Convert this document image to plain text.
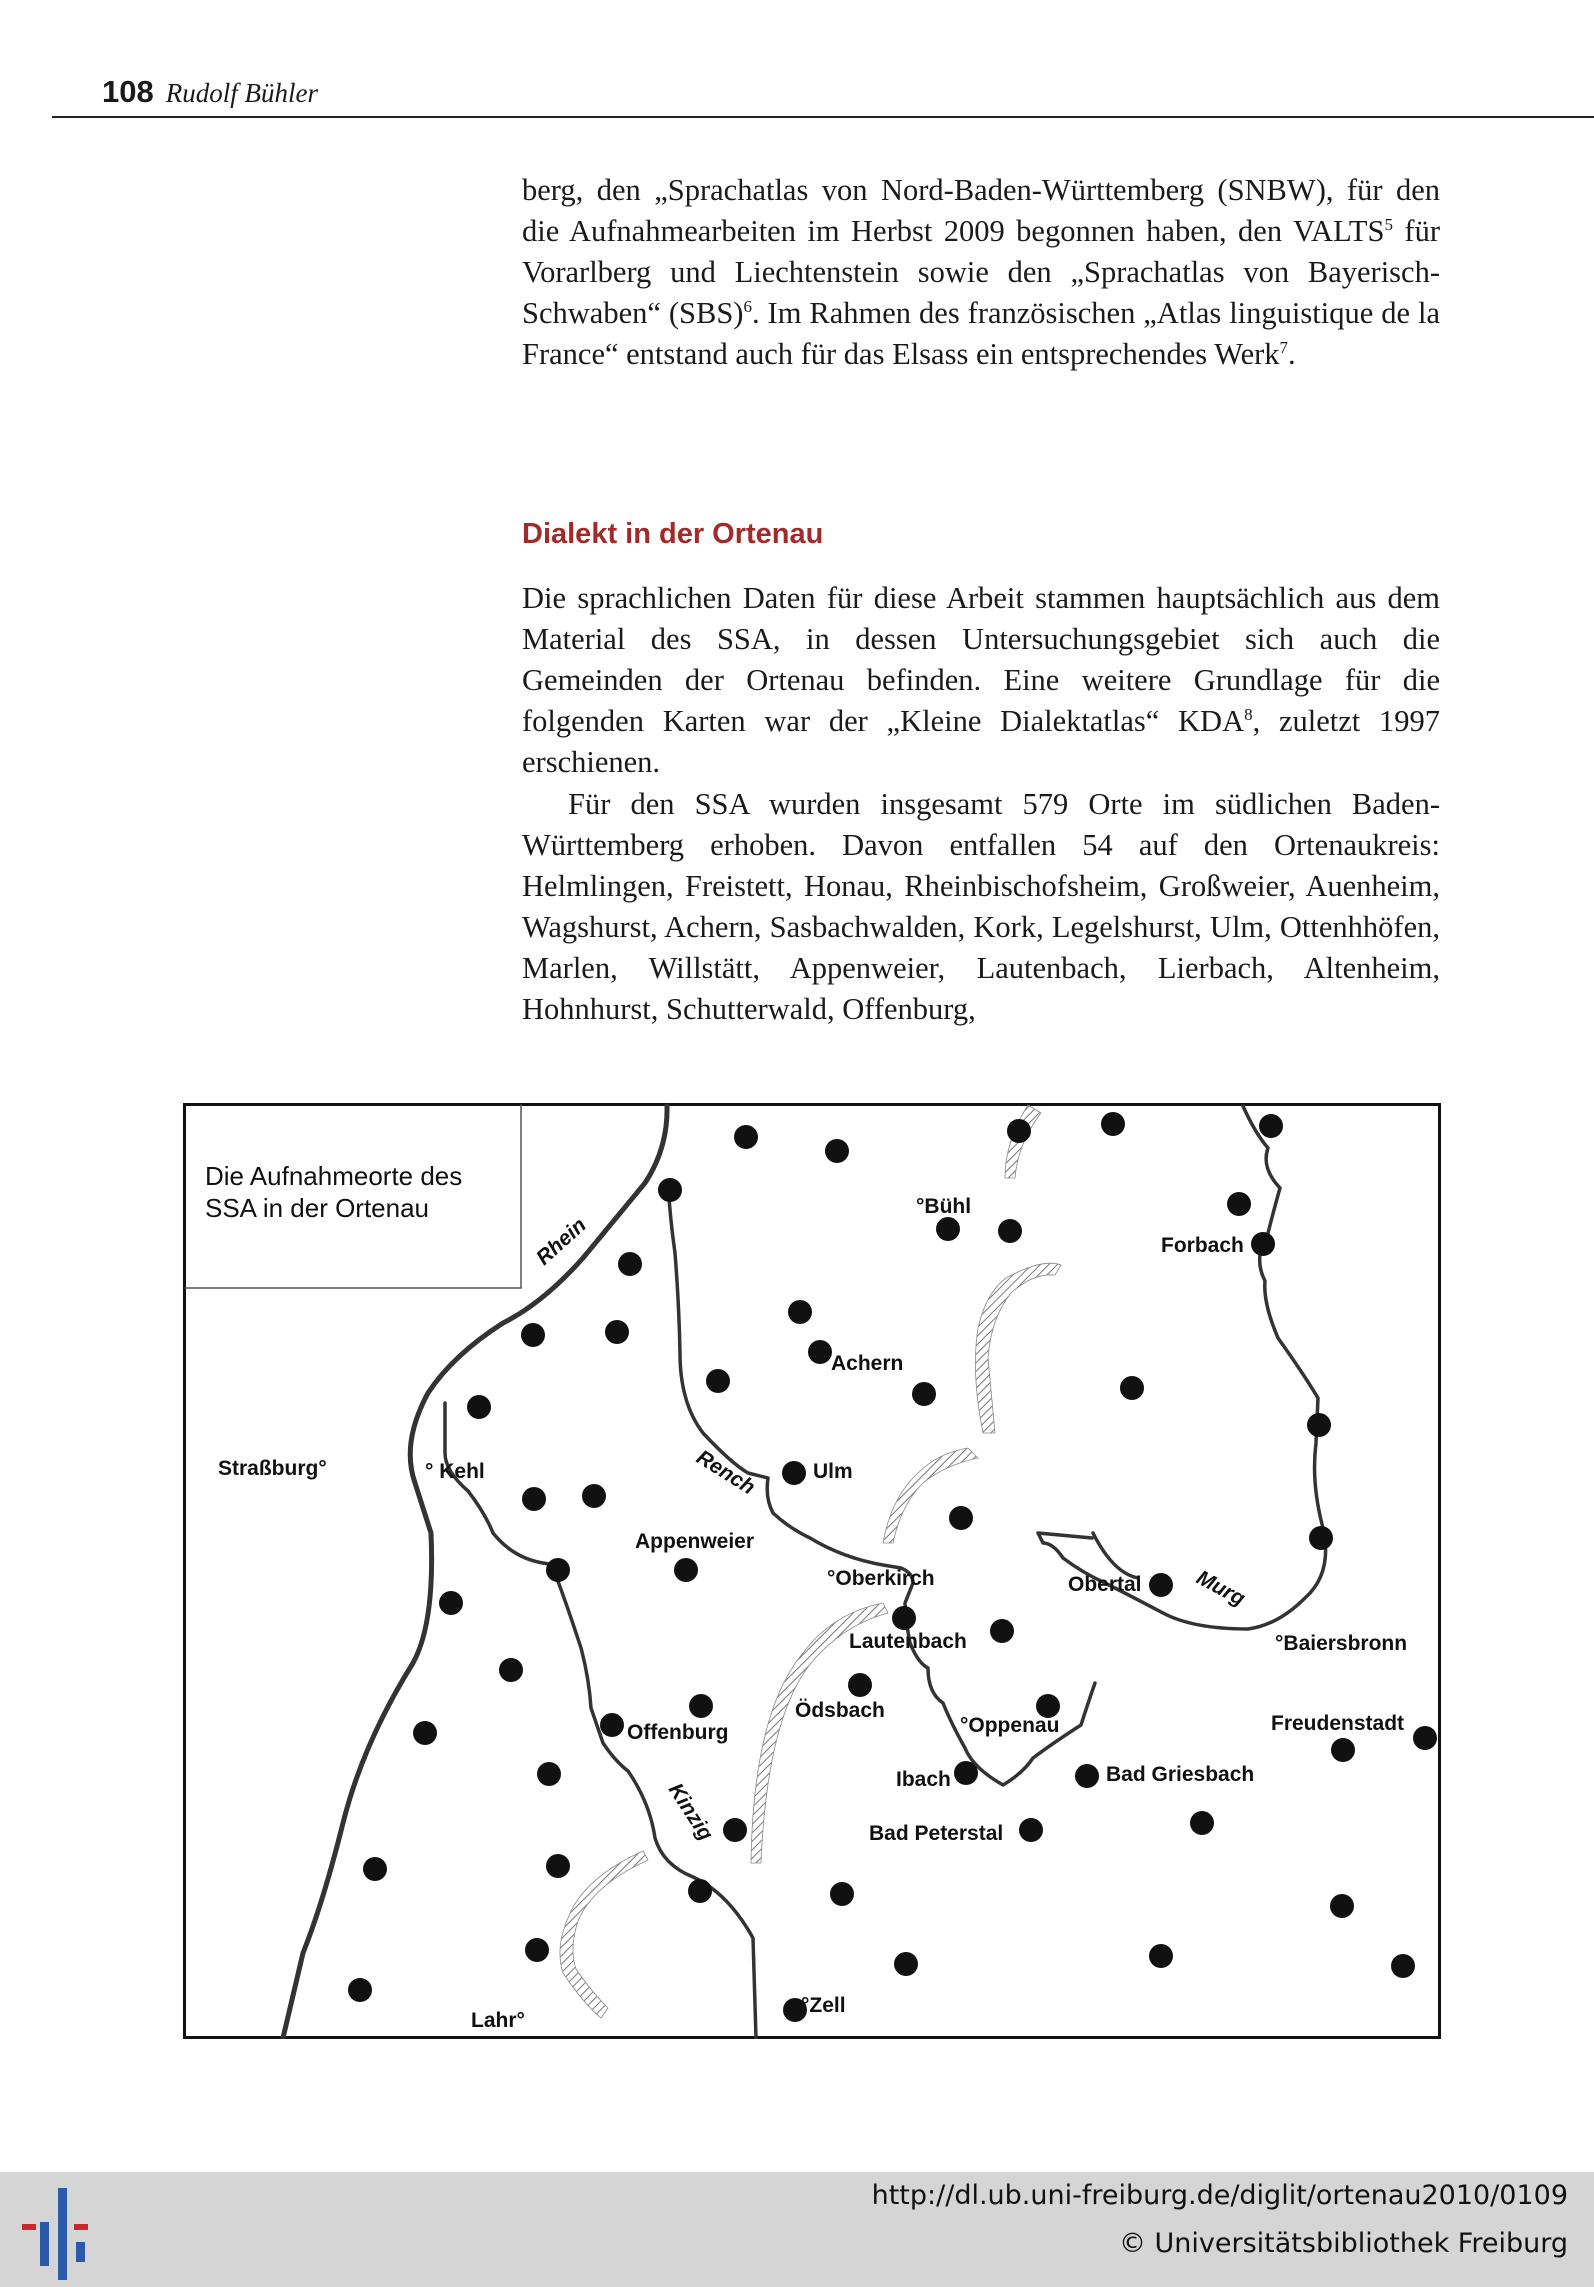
108 Rudolf Bühler
berg, den „Sprachatlas von Nord-Baden-Württemberg (SNBW), für den die Aufnahmearbeiten im Herbst 2009 begonnen haben, den VALTS$^5$ für Vorarlberg und Liechtenstein sowie den „Sprachatlas von Bayerisch-Schwaben“ (SBS)$^6$. Im Rahmen des französischen „Atlas linguistique de la France“ entstand auch für das Elsass ein entsprechendes Werk$^7$.
Dialekt in der Ortenau
Die sprachlichen Daten für diese Arbeit stammen hauptsächlich aus dem Material des SSA, in dessen Untersuchungsgebiet sich auch die Gemeinden der Ortenau befinden. Eine weitere Grundlage für die folgenden Karten war der „Kleine Dialektatlas“ KDA$^8$, zuletzt 1997 erschienen.
Für den SSA wurden insgesamt 579 Orte im südlichen Baden-Württemberg erhoben. Davon entfallen 54 auf den Ortenaukreis: Helmlingen, Freistett, Honau, Rheinbischofsheim, Großweier, Auenheim, Wagshurst, Achern, Sasbachwalden, Kork, Legelshurst, Ulm, Ottenhhöfen, Marlen, Willstätt, Appenweier, Lautenbach, Lierbach, Altenheim, Hohnhurst, Schutterwald, Offenburg,
Die Aufnahmeorte des
SSA in der Ortenau
Rhein
Rench
Kinzig
Murg
°Bühl
Forbach
Achern
Straßburg°	° Kehl	Ulm
Appenweier
°Oberkirch	Obertal
°Baiersbronn
Lautenbach
Ödsbach
°Oppenau	Freudenstadt
Offenburg
Ibach	Bad Griesbach
Bad Peterstal
Lahr°
°Zell
http://dl.ub.uni-freiburg.de/diglit/ortenau2010/0109
© Universitätsbibliothek Freiburg
